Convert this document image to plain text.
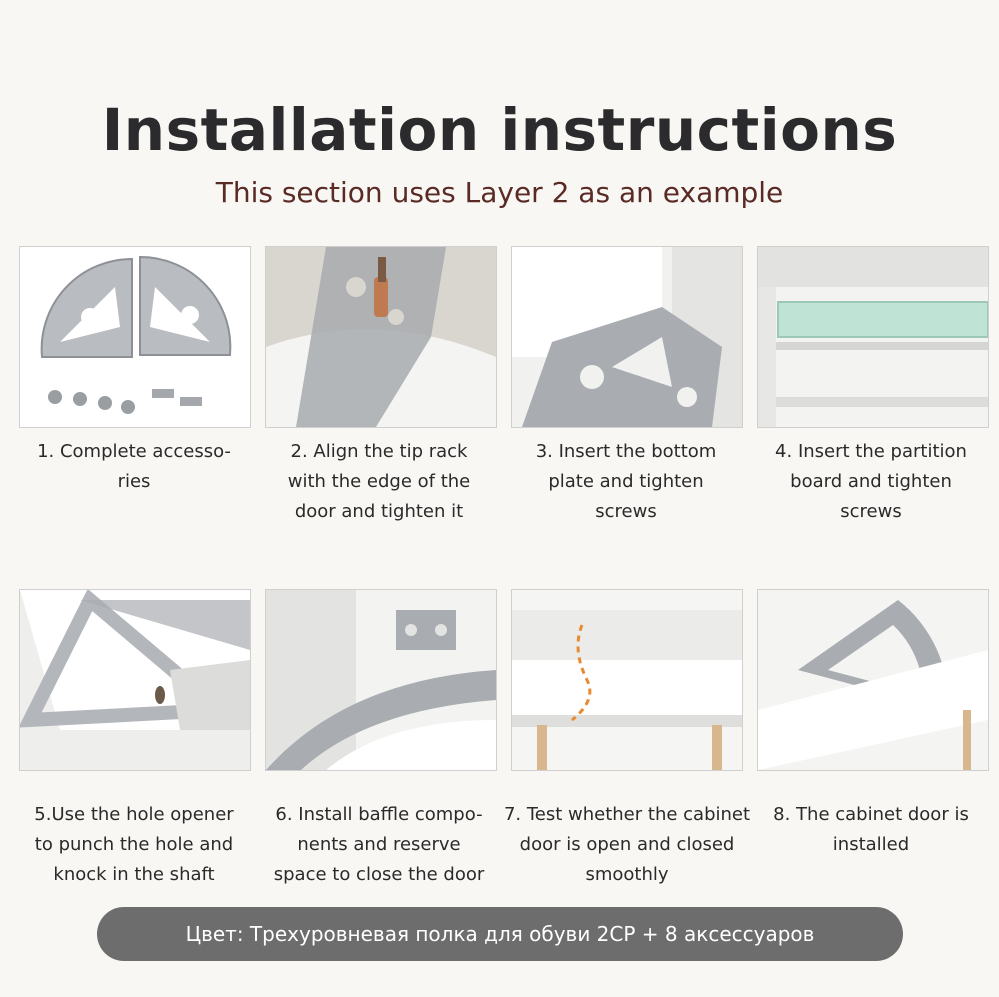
Installation instructions
This section uses Layer 2 as an example
1. Complete accesso-
ries
2. Align the tip rack
with the edge of the
door and tighten it
3. Insert the bottom
plate and tighten
screws
4. Insert the partition
board and tighten
screws
5.Use the hole opener
to punch the hole and
knock in the shaft
6. Install baffle compo-
nents and reserve
space to close the door
7. Test whether the cabinet
door is open and closed
smoothly
8. The cabinet door is
installed
Цвет: Трехуровневая полка для обуви 2CP + 8 аксессуаров
